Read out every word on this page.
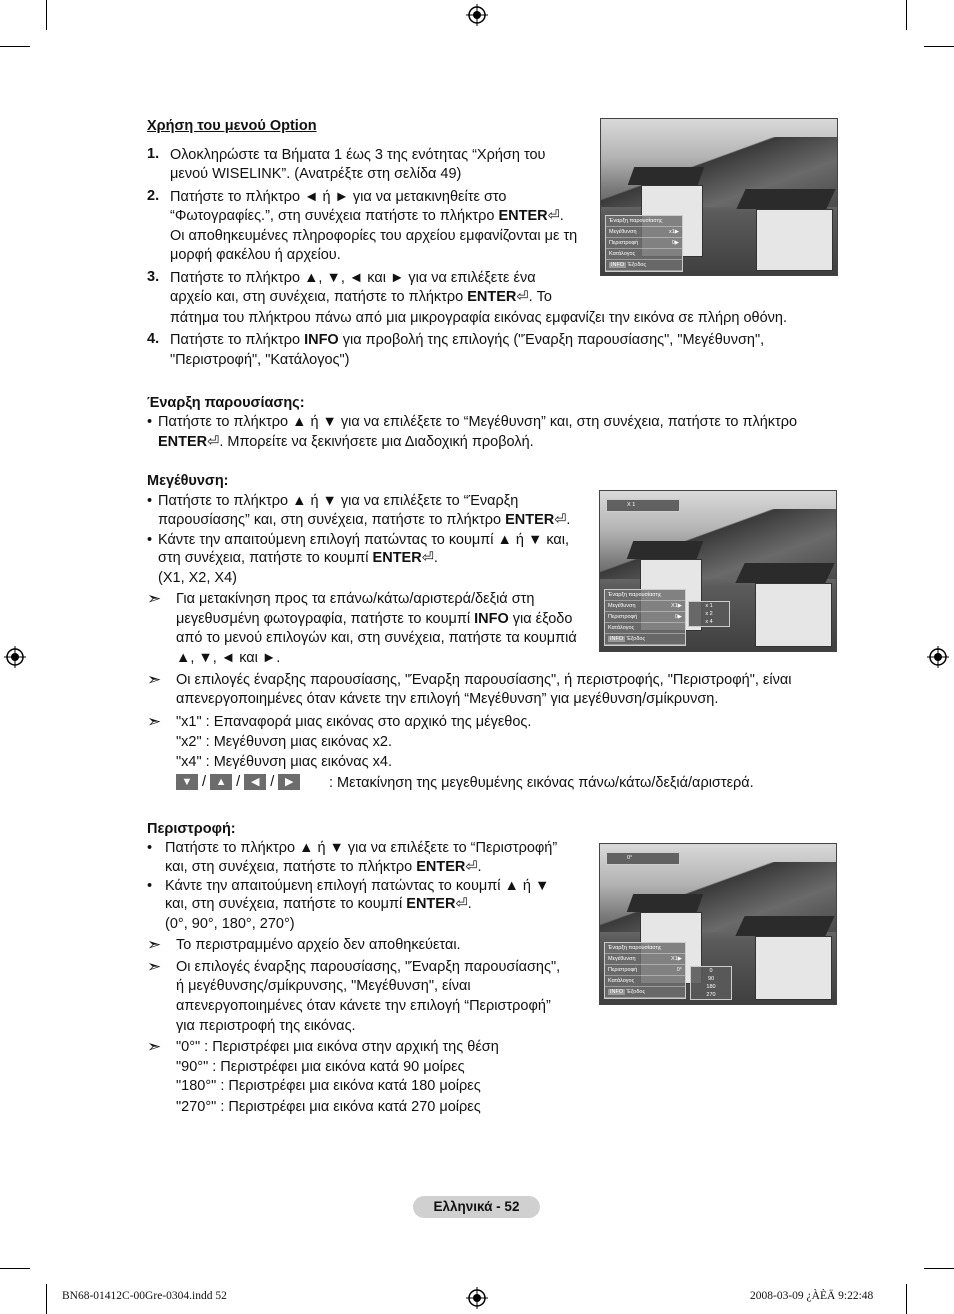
Χρήση του μενού Option
1. Ολοκληρώστε τα Βήματα 1 έως 3 της ενότητας “Χρήση του
μενού WISELINK”. (Ανατρέξτε στη σελίδα 49)
2. Πατήστε το πλήκτρο ◄ ή ► για να μετακινηθείτε στο
“Φωτογραφίες.”, στη συνέχεια πατήστε το πλήκτρο ENTER⏎.
Οι αποθηκευμένες πληροφορίες του αρχείου εμφανίζονται με τη
μορφή φακέλου ή αρχείου.
3. Πατήστε το πλήκτρο ▲, ▼, ◄ και ► για να επιλέξετε ένα
αρχείο και, στη συνέχεια, πατήστε το πλήκτρο ENTER⏎. Το
πάτημα του πλήκτρου πάνω από μια μικρογραφία εικόνας εμφανίζει την εικόνα σε πλήρη οθόνη.
4. Πατήστε το πλήκτρο INFO για προβολή της επιλογής ("Έναρξη παρουσίασης", "Μεγέθυνση",
"Περιστροφή", "Κατάλογος")
Έναρξη παρουσίασης
Μεγέθυνση	x1▶
Περιστροφή	0▶
Κατάλογος
INFO Έξοδος
Έναρξη παρουσίασης:
• Πατήστε το πλήκτρο ▲ ή ▼ για να επιλέξετε το “Μεγέθυνση” και, στη συνέχεια, πατήστε το πλήκτρο
ENTER⏎. Μπορείτε να ξεκινήσετε μια Διαδοχική προβολή.
Μεγέθυνση:
• Πατήστε το πλήκτρο ▲ ή ▼ για να επιλέξετε το “Έναρξη
παρουσίασης” και, στη συνέχεια, πατήστε το πλήκτρο ENTER⏎.
• Κάντε την απαιτούμενη επιλογή πατώντας το κουμπί ▲ ή ▼ και,
στη συνέχεια, πατήστε το κουμπί ENTER⏎.
(X1, X2, X4)
➣ Για μετακίνηση προς τα επάνω/κάτω/αριστερά/δεξιά στη
μεγεθυσμένη φωτογραφία, πατήστε το κουμπί INFO για έξοδο
από το μενού επιλογών και, στη συνέχεια, πατήστε τα κουμπιά
▲, ▼, ◄ και ►.
➣ Οι επιλογές έναρξης παρουσίασης, "Έναρξη παρουσίασης", ή περιστροφής, "Περιστροφή", είναι
απενεργοποιημένες όταν κάνετε την επιλογή “Μεγέθυνση” για μεγέθυνση/σμίκρυνση.
➣ "x1" : Επαναφορά μιας εικόνας στο αρχικό της μέγεθος.
"x2" : Μεγέθυνση μιας εικόνας x2.
"x4" : Μεγέθυνση μιας εικόνας x4.
▼ / ▲ / ◀ / ▶	: Μετακίνηση της μεγεθυμένης εικόνας πάνω/κάτω/δεξιά/αριστερά.
X 1
Έναρξη παρουσίασης
Μεγέθυνση	X1▶
Περιστροφή	0▶
Κατάλογος
INFO Έξοδος
x 1
x 2
x 4
Περιστροφή:
• Πατήστε το πλήκτρο ▲ ή ▼ για να επιλέξετε το “Περιστροφή”
και, στη συνέχεια, πατήστε το πλήκτρο ENTER⏎.
• Κάντε την απαιτούμενη επιλογή πατώντας το κουμπί ▲ ή ▼
και, στη συνέχεια, πατήστε το κουμπί ENTER⏎.
(0°, 90°, 180°, 270°)
➣ Το περιστραμμένο αρχείο δεν αποθηκεύεται.
➣ Οι επιλογές έναρξης παρουσίασης, "Έναρξη παρουσίασης",
ή μεγέθυνσης/σμίκρυνσης, "Μεγέθυνση", είναι
απενεργοποιημένες όταν κάνετε την επιλογή “Περιστροφή”
για περιστροφή της εικόνας.
➣ "0°" : Περιστρέφει μια εικόνα στην αρχική της θέση
"90°" : Περιστρέφει μια εικόνα κατά 90 μοίρες
"180°" : Περιστρέφει μια εικόνα κατά 180 μοίρες
"270°" : Περιστρέφει μια εικόνα κατά 270 μοίρες
0°
Έναρξη παρουσίασης
Μεγέθυνση	X1▶
Περιστροφή	0°
Κατάλογος
INFO Έξοδος
0
90
180
270
Ελληνικά - 52
BN68-01412C-00Gre-0304.indd 52	2008-03-09 ¿ÀÈÄ 9:22:48
